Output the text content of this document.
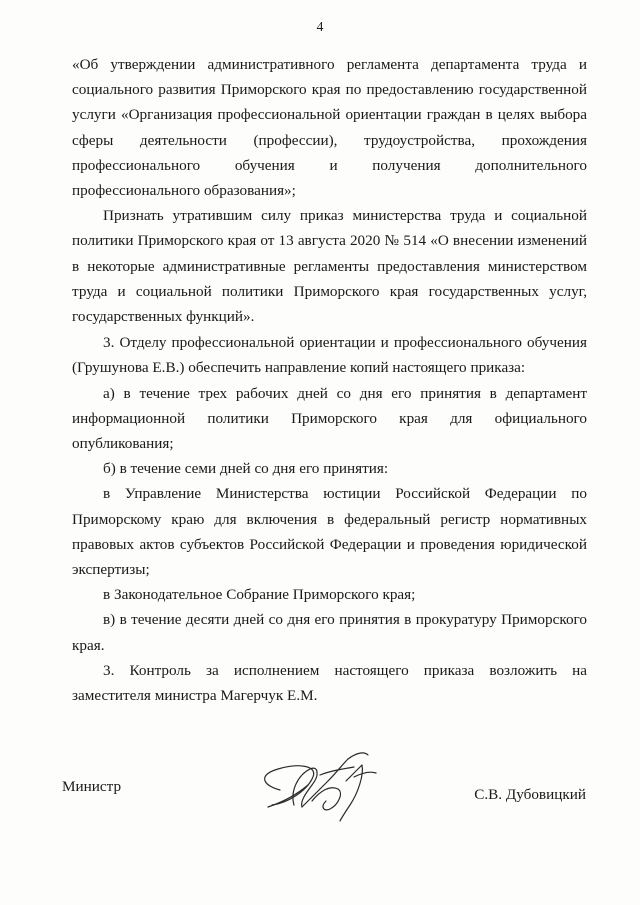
4

«Об утверждении административного регламента департамента труда и социального развития Приморского края по предоставлению государственной услуги «Организация профессиональной ориентации граждан в целях выбора сферы деятельности (профессии), трудоустройства, прохождения профессионального обучения и получения дополнительного профессионального образования»;

Признать утратившим силу приказ министерства труда и социальной политики Приморского края от 13 августа 2020 № 514 «О внесении изменений в некоторые административные регламенты предоставления министерством труда и социальной политики Приморского края государственных услуг, государственных функций».

3. Отделу профессиональной ориентации и профессионального обучения (Грушунова Е.В.) обеспечить направление копий настоящего приказа:

а) в течение трех рабочих дней со дня его принятия в департамент информационной политики Приморского края для официального опубликования;

б) в течение семи дней со дня его принятия:

в Управление Министерства юстиции Российской Федерации по Приморскому краю для включения в федеральный регистр нормативных правовых актов субъектов Российской Федерации и проведения юридической экспертизы;

в Законодательное Собрание Приморского края;

в) в течение десяти дней со дня его принятия в прокуратуру Приморского края.

3. Контроль за исполнением настоящего приказа возложить на заместителя министра Магерчук Е.М.

Министр	С.В. Дубовицкий
